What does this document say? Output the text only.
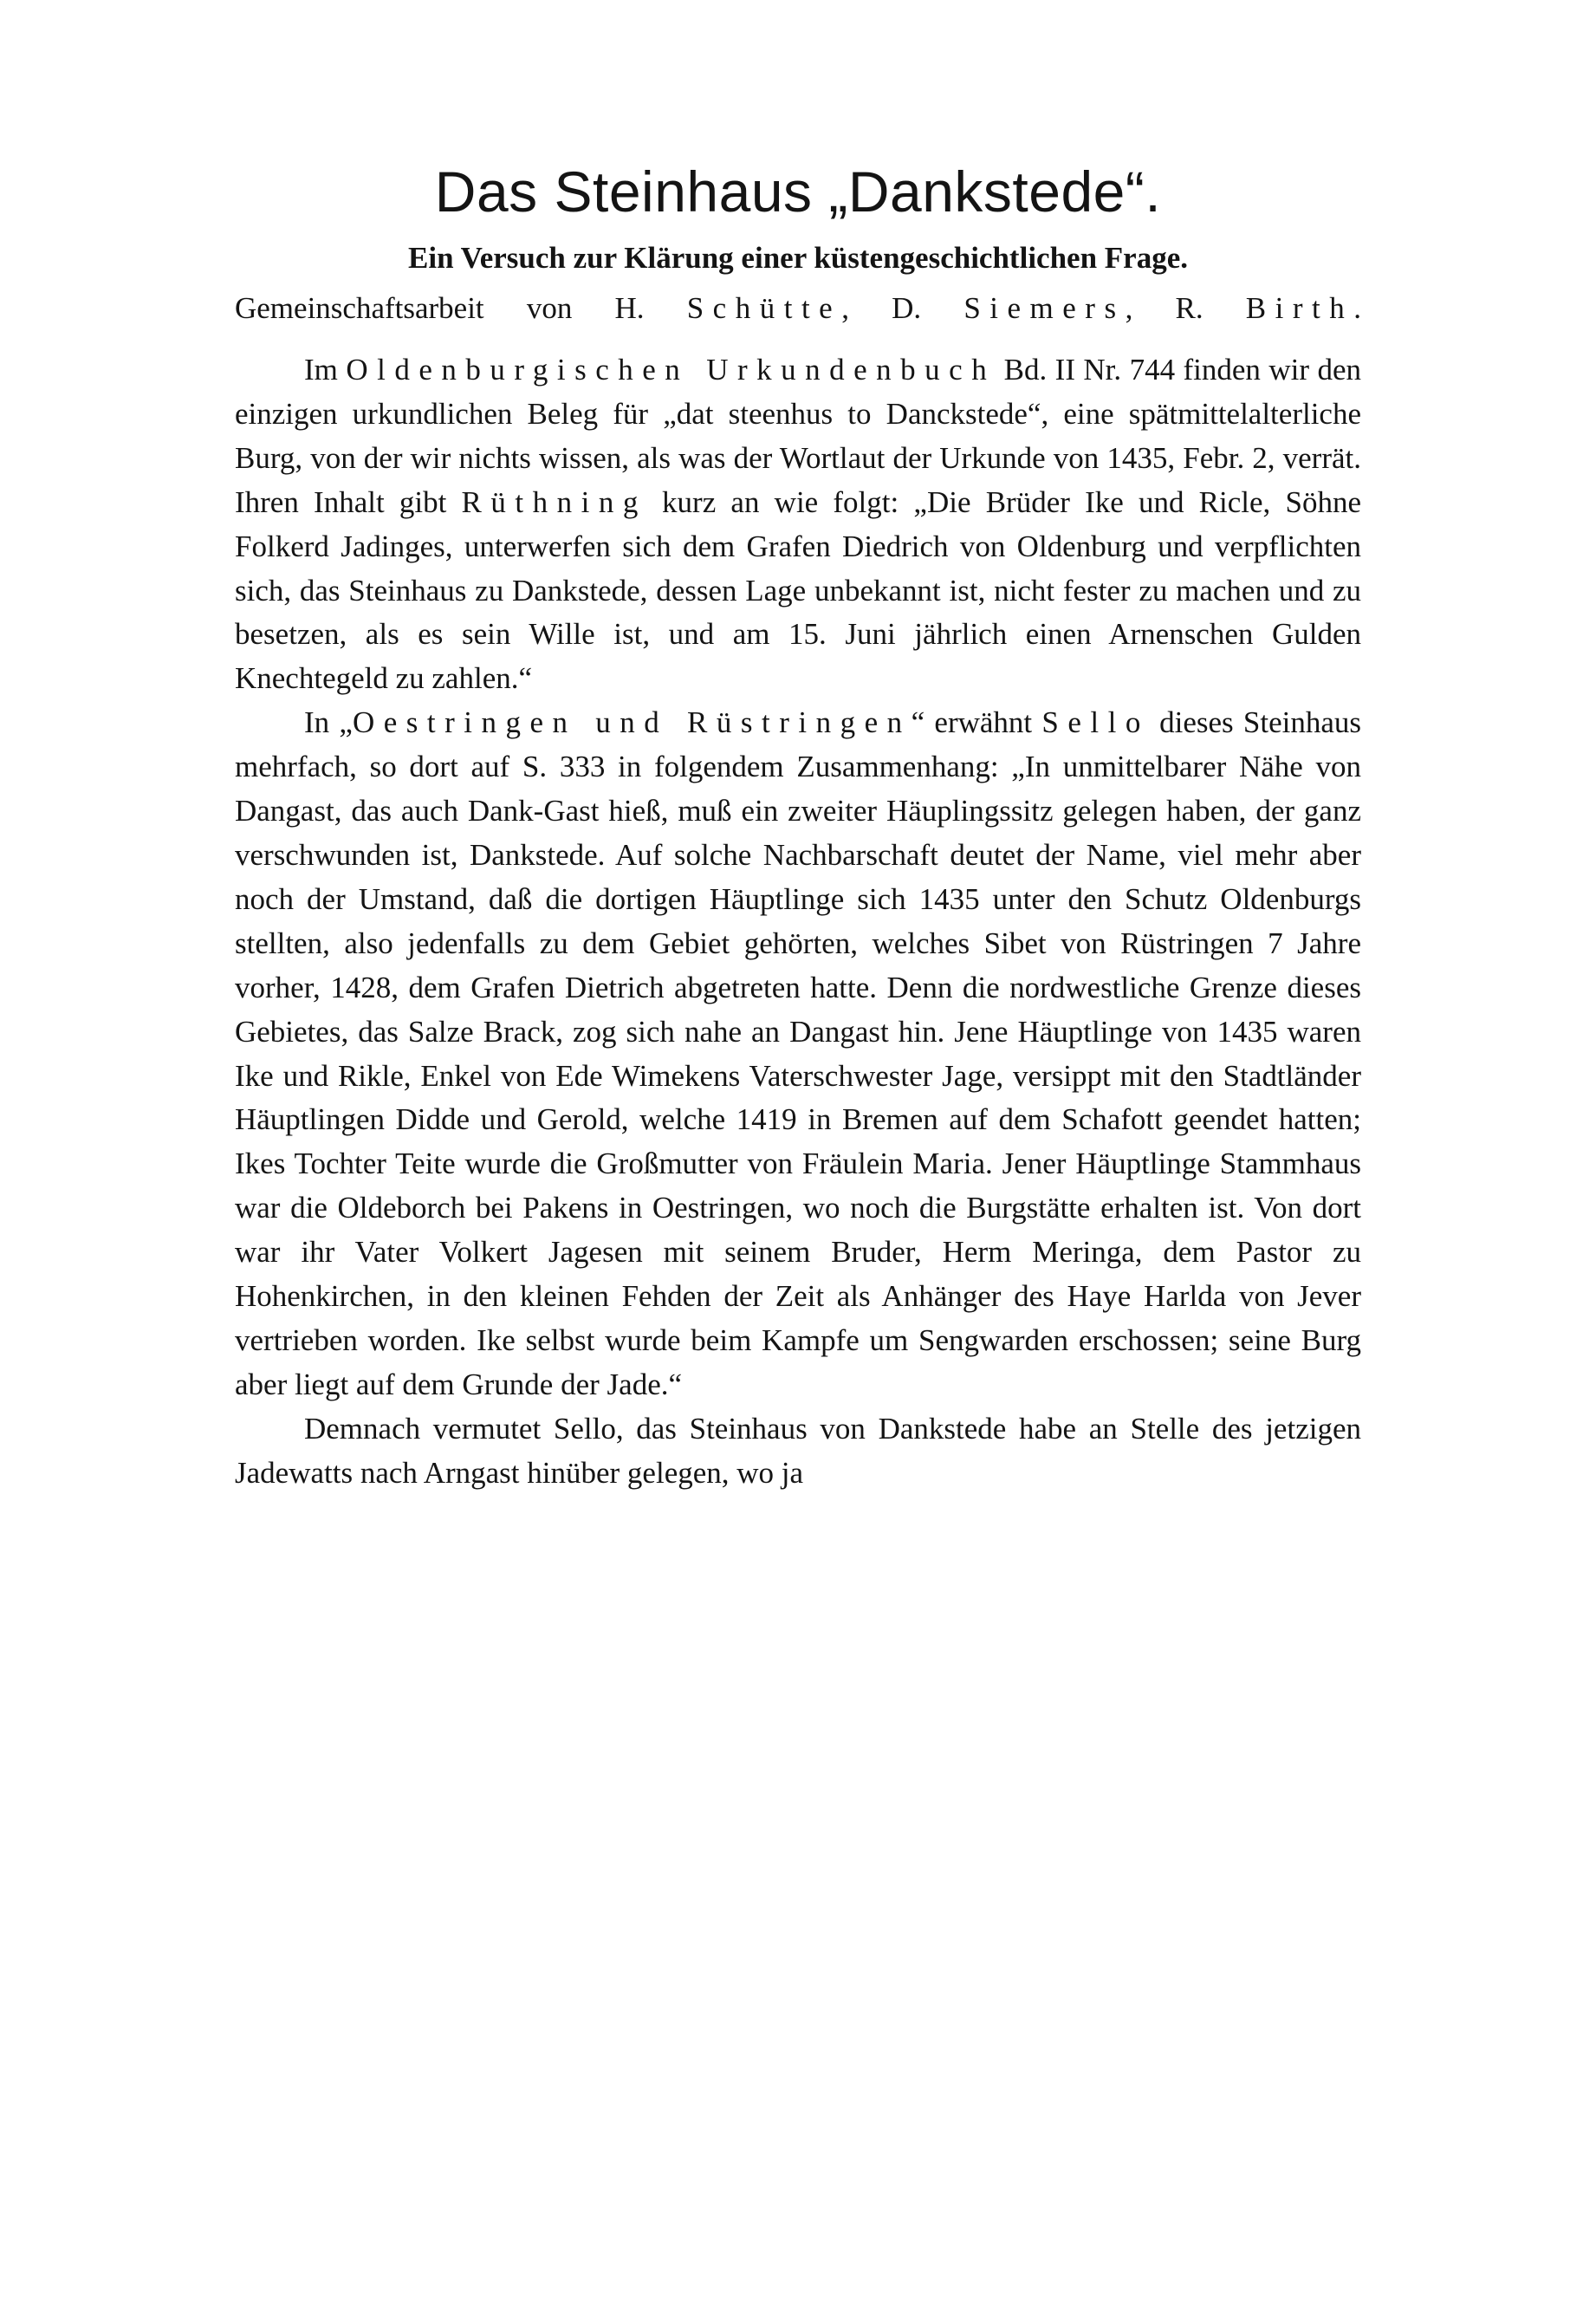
Das Steinhaus „Dankstede“.
Ein Versuch zur Klärung einer küstengeschichtlichen Frage.
Gemeinschaftsarbeit von H. Schütte, D. Siemers, R. Birth.

Im Oldenburgischen Urkundenbuch Bd. II Nr. 744 finden wir den einzigen urkundlichen Beleg für „dat steenhus to Danckstede“, eine spätmittelalterliche Burg, von der wir nichts wissen, als was der Wortlaut der Urkunde von 1435, Febr. 2, verrät. Ihren Inhalt gibt Rüthning kurz an wie folgt: „Die Brüder Ike und Ricle, Söhne Folkerd Jadinges, unterwerfen sich dem Grafen Diedrich von Oldenburg und verpflichten sich, das Steinhaus zu Dankstede, dessen Lage unbekannt ist, nicht fester zu machen und zu besetzen, als es sein Wille ist, und am 15. Juni jährlich einen Arnenschen Gulden Knechtegeld zu zahlen.“

In „Oestringen und Rüstringen“ erwähnt Sello dieses Steinhaus mehrfach, so dort auf S. 333 in folgendem Zusammenhang: „In unmittelbarer Nähe von Dangast, das auch Dank-Gast hieß, muß ein zweiter Häuplingssitz gelegen haben, der ganz verschwunden ist, Dankstede. Auf solche Nachbarschaft deutet der Name, viel mehr aber noch der Umstand, daß die dortigen Häuptlinge sich 1435 unter den Schutz Oldenburgs stellten, also jedenfalls zu dem Gebiet gehörten, welches Sibet von Rüstringen 7 Jahre vorher, 1428, dem Grafen Dietrich abgetreten hatte. Denn die nordwestliche Grenze dieses Gebietes, das Salze Brack, zog sich nahe an Dangast hin. Jene Häuptlinge von 1435 waren Ike und Rikle, Enkel von Ede Wimekens Vaterschwester Jage, versippt mit den Stadtländer Häuptlingen Didde und Gerold, welche 1419 in Bremen auf dem Schafott geendet hatten; Ikes Tochter Teite wurde die Großmutter von Fräulein Maria. Jener Häuptlinge Stammhaus war die Oldeborch bei Pakens in Oestringen, wo noch die Burgstätte erhalten ist. Von dort war ihr Vater Volkert Jagesen mit seinem Bruder, Herm Meringa, dem Pastor zu Hohenkirchen, in den kleinen Fehden der Zeit als Anhänger des Haye Harlda von Jever vertrieben worden. Ike selbst wurde beim Kampfe um Sengwarden erschossen; seine Burg aber liegt auf dem Grunde der Jade.“

Demnach vermutet Sello, das Steinhaus von Dankstede habe an Stelle des jetzigen Jadewatts nach Arngast hinüber gelegen, wo ja
